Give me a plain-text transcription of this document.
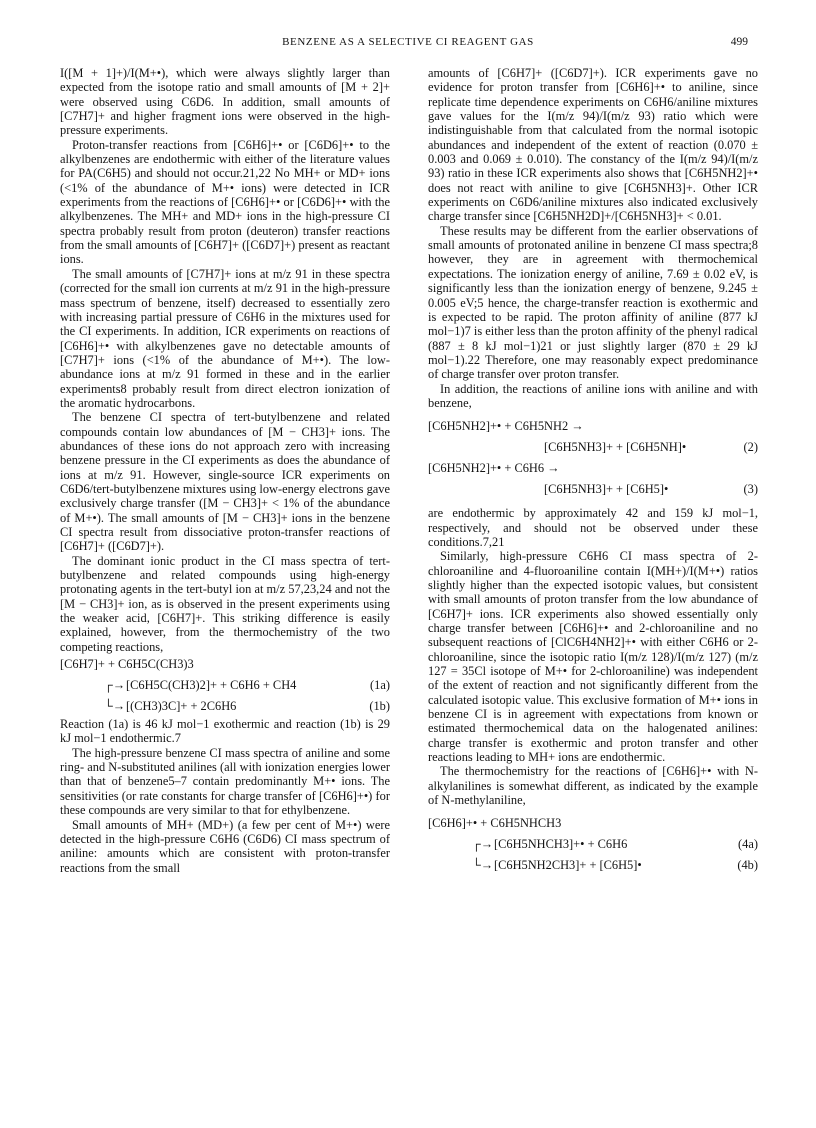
BENZENE AS A SELECTIVE CI REAGENT GAS	499

I([M + 1]+)/I(M+•), which were always slightly larger than expected from the isotope ratio and small amounts of [M + 2]+ were observed using C6D6. In addition, small amounts of [C7H7]+ and higher fragment ions were observed in the high-pressure experiments.

Proton-transfer reactions from [C6H6]+• or [C6D6]+• to the alkylbenzenes are endothermic with either of the literature values for PA(C6H5) and should not occur.21,22 No MH+ or MD+ ions (<1% of the abundance of M+• ions) were detected in ICR experiments from the reactions of [C6H6]+• or [C6D6]+• with the alkylbenzenes. The MH+ and MD+ ions in the high-pressure CI spectra probably result from proton (deuteron) transfer reactions from the small amounts of [C6H7]+ ([C6D7]+) present as reactant ions.

The small amounts of [C7H7]+ ions at m/z 91 in these spectra (corrected for the small ion currents at m/z 91 in the high-pressure mass spectrum of benzene, itself) decreased to essentially zero with increasing partial pressure of C6H6 in the mixtures used for the CI experiments. In addition, ICR experiments on reactions of [C6H6]+• with alkylbenzenes gave no detectable amounts of [C7H7]+ ions (<1% of the abundance of M+•). The low-abundance ions at m/z 91 formed in these and in the earlier experiments8 probably result from direct electron ionization of the aromatic hydrocarbons.

The benzene CI spectra of tert-butylbenzene and related compounds contain low abundances of [M − CH3]+ ions. The abundances of these ions do not approach zero with increasing benzene pressure in the CI experiments as does the abundance of ions at m/z 91. However, single-source ICR experiments on C6D6/tert-butylbenzene mixtures using low-energy electrons gave exclusively charge transfer ([M − CH3]+ < 1% of the abundance of M+•). The small amounts of [M − CH3]+ ions in the benzene CI spectra result from dissociative proton-transfer reactions of [C6H7]+ ([C6D7]+).

The dominant ionic product in the CI mass spectra of tert-butylbenzene and related compounds using high-energy protonating agents in the tert-butyl ion at m/z 57,23,24 and not the [M − CH3]+ ion, as is observed in the present experiments using the weaker acid, [C6H7]+. This striking difference is easily explained, however, from the thermochemistry of the two competing reactions,

[C6H7]+ + C6H5C(CH3)3
┌→ [C6H5C(CH3)2]+ + C6H6 + CH4	(1a)
└→ [(CH3)3C]+ + 2C6H6	(1b)

Reaction (1a) is 46 kJ mol−1 exothermic and reaction (1b) is 29 kJ mol−1 endothermic.7

The high-pressure benzene CI mass spectra of aniline and some ring- and N-substituted anilines (all with ionization energies lower than that of benzene5–7 contain predominantly M+• ions. The sensitivities (or rate constants for charge transfer of [C6H6]+•) for these compounds are very similar to that for ethylbenzene.

Small amounts of MH+ (MD+) (a few per cent of M+•) were detected in the high-pressure C6H6 (C6D6) CI mass spectrum of aniline: amounts which are consistent with proton-transfer reactions from the small

amounts of [C6H7]+ ([C6D7]+). ICR experiments gave no evidence for proton transfer from [C6H6]+• to aniline, since replicate time dependence experiments on C6H6/aniline mixtures gave values for the I(m/z 94)/I(m/z 93) ratio which were indistinguishable from that calculated from the normal isotopic abundances and independent of the extent of reaction (0.070 ± 0.003 and 0.069 ± 0.010). The constancy of the I(m/z 94)/I(m/z 93) ratio in these ICR experiments also shows that [C6H5NH2]+• does not react with aniline to give [C6H5NH3]+. Other ICR experiments on C6D6/aniline mixtures also indicated exclusively charge transfer since [C6H5NH2D]+/[C6H5NH3]+ < 0.01.

These results may be different from the earlier observations of small amounts of protonated aniline in benzene CI mass spectra;8 however, they are in agreement with thermochemical expectations. The ionization energy of aniline, 7.69 ± 0.02 eV, is significantly less than the ionization energy of benzene, 9.245 ± 0.005 eV;5 hence, the charge-transfer reaction is exothermic and is expected to be rapid. The proton affinity of aniline (877 kJ mol−1)7 is either less than the proton affinity of the phenyl radical (887 ± 8 kJ mol−1)21 or just slightly larger (870 ± 29 kJ mol−1).22 Therefore, one may reasonably expect predominance of charge transfer over proton transfer.

In addition, the reactions of aniline ions with aniline and with benzene,

[C6H5NH2]+• + C6H5NH2 →
[C6H5NH3]+ + [C6H5NH]•	(2)
[C6H5NH2]+• + C6H6 →
[C6H5NH3]+ + [C6H5]•	(3)

are endothermic by approximately 42 and 159 kJ mol−1, respectively, and should not be observed under these conditions.7,21

Similarly, high-pressure C6H6 CI mass spectra of 2-chloroaniline and 4-fluoroaniline contain I(MH+)/I(M+•) ratios slightly higher than the expected isotopic values, but consistent with small amounts of proton transfer from the low abundance of [C6H7]+ ions. ICR experiments also showed essentially only charge transfer between [C6H6]+• and 2-chloroaniline and no subsequent reactions of [ClC6H4NH2]+• with either C6H6 or 2-chloroaniline, since the isotopic ratio I(m/z 128)/I(m/z 127) (m/z 127 = 35Cl isotope of M+• for 2-chloroaniline) was independent of the extent of reaction and not significantly different from the calculated isotopic value. This exclusive formation of M+• ions in benzene CI is in agreement with expectations from known or estimated thermochemical data on the halogenated anilines: charge transfer is exothermic and proton transfer and other reactions leading to MH+ ions are endothermic.

The thermochemistry for the reactions of [C6H6]+• with N-alkylanilines is somewhat different, as indicated by the example of N-methylaniline,

[C6H6]+• + C6H5NHCH3
┌→ [C6H5NHCH3]+• + C6H6	(4a)
└→ [C6H5NH2CH3]+ + [C6H5]•	(4b)
